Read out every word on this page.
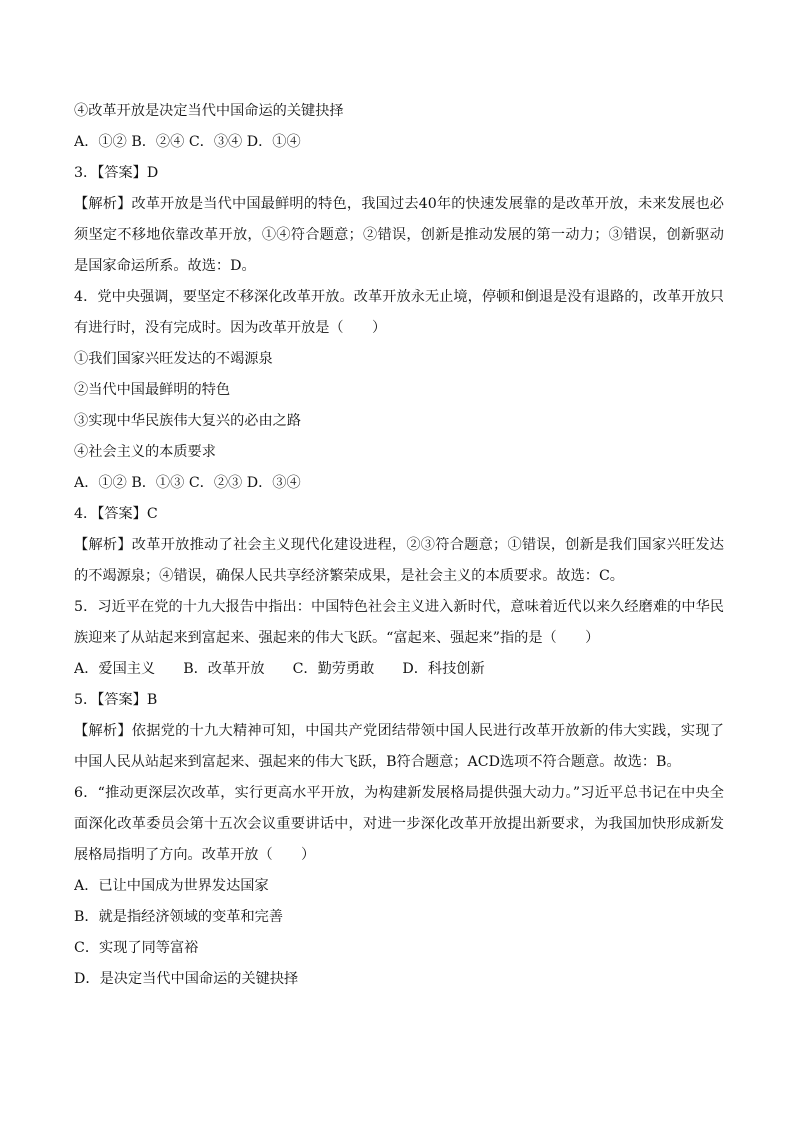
④改革开放是决定当代中国命运的关键抉择
A．①② B．②④ C．③④ D．①④
3．【答案】D
【解析】改革开放是当代中国最鲜明的特色，我国过去40年的快速发展靠的是改革开放，未来发展也必须坚定不移地依靠改革开放，①④符合题意；②错误，创新是推动发展的第一动力；③错误，创新驱动是国家命运所系。故选：D。
4．党中央强调，要坚定不移深化改革开放。改革开放永无止境，停顿和倒退是没有退路的，改革开放只有进行时，没有完成时。因为改革开放是（　　）
①我们国家兴旺发达的不竭源泉
②当代中国最鲜明的特色
③实现中华民族伟大复兴的必由之路
④社会主义的本质要求
A．①② B．①③ C．②③ D．③④
4．【答案】C
【解析】改革开放推动了社会主义现代化建设进程，②③符合题意；①错误，创新是我们国家兴旺发达的不竭源泉；④错误，确保人民共享经济繁荣成果，是社会主义的本质要求。故选：C。
5．习近平在党的十九大报告中指出：中国特色社会主义进入新时代，意味着近代以来久经磨难的中华民族迎来了从站起来到富起来、强起来的伟大飞跃。“富起来、强起来”指的是（　　）
A．爱国主义 B．改革开放 C．勤劳勇敢 D．科技创新
5．【答案】B
【解析】依据党的十九大精神可知，中国共产党团结带领中国人民进行改革开放新的伟大实践，实现了中国人民从站起来到富起来、强起来的伟大飞跃，B符合题意；ACD选项不符合题意。故选：B。
6．“推动更深层次改革，实行更高水平开放，为构建新发展格局提供强大动力。”习近平总书记在中央全面深化改革委员会第十五次会议重要讲话中，对进一步深化改革开放提出新要求，为我国加快形成新发展格局指明了方向。改革开放（　　）
A．已让中国成为世界发达国家
B．就是指经济领域的变革和完善
C．实现了同等富裕
D．是决定当代中国命运的关键抉择
